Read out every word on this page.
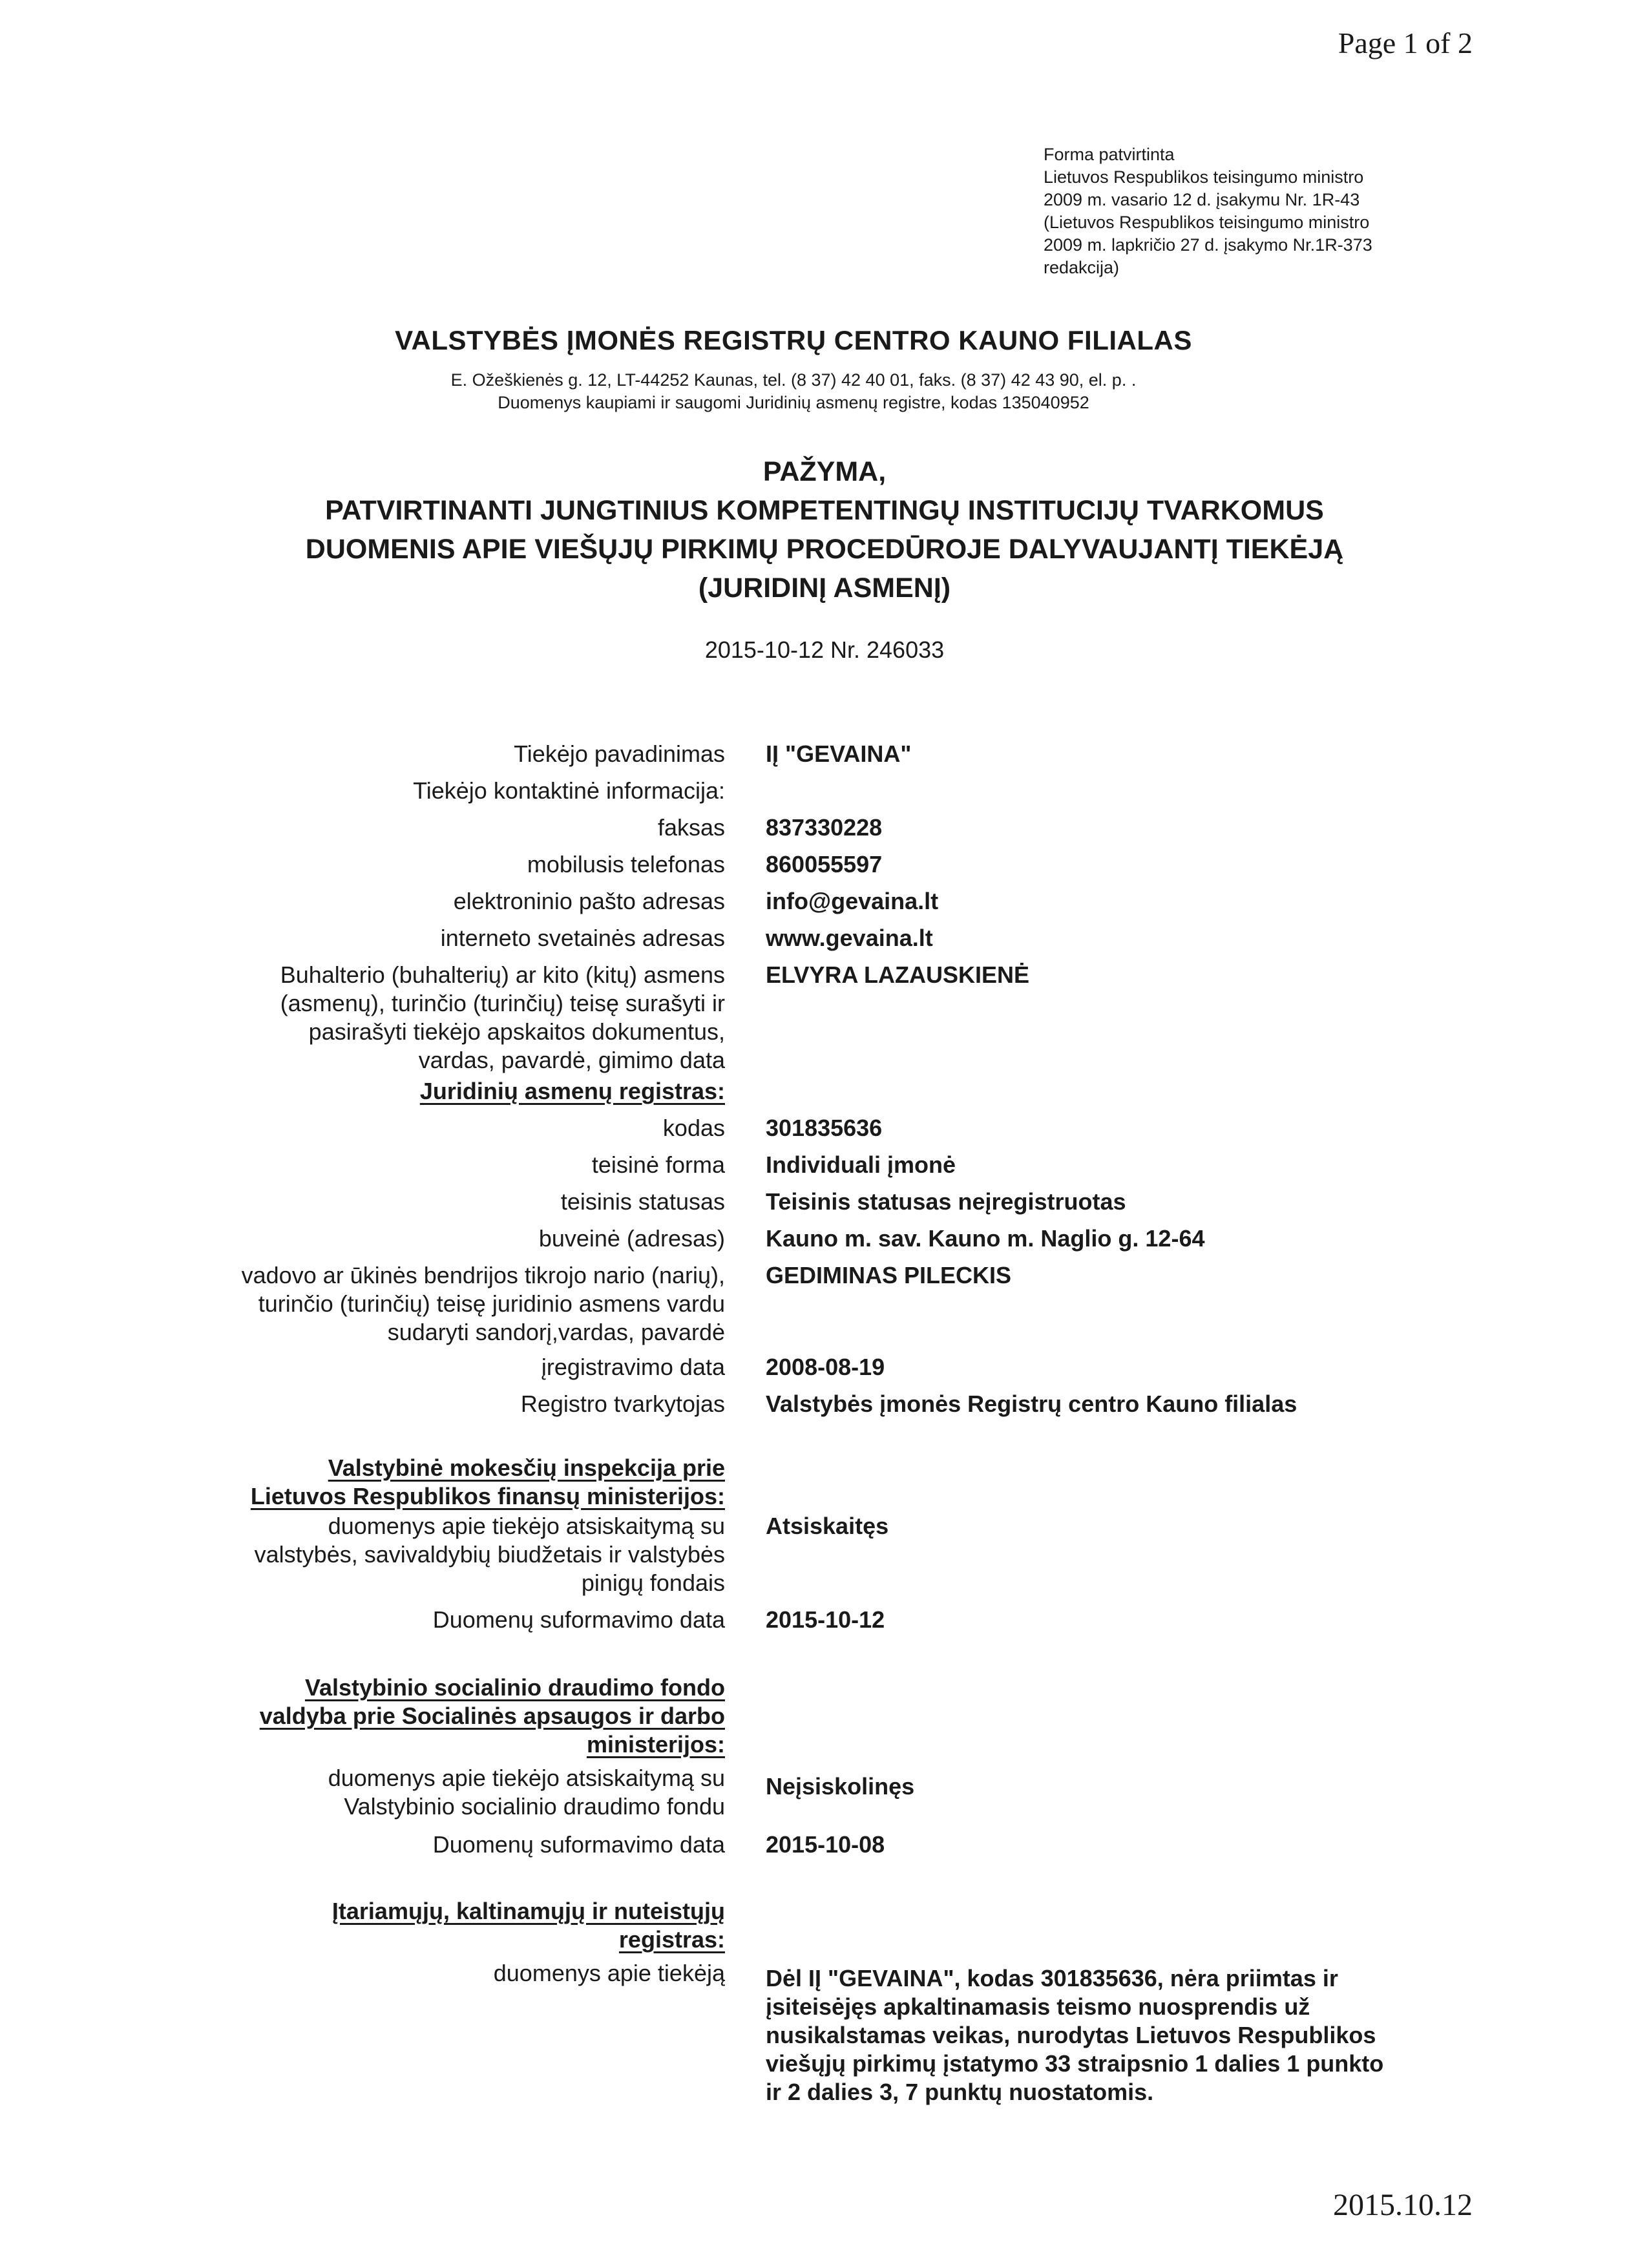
Page 1 of 2
Forma patvirtinta
Lietuvos Respublikos teisingumo ministro
2009 m. vasario 12 d. įsakymu Nr. 1R-43
(Lietuvos Respublikos teisingumo ministro
2009 m. lapkričio 27 d. įsakymo Nr.1R-373
redakcija)
VALSTYBĖS ĮMONĖS REGISTRŲ CENTRO KAUNO FILIALAS
E. Ožeškienės g. 12, LT-44252 Kaunas, tel. (8 37) 42 40 01, faks. (8 37) 42 43 90, el. p. .
Duomenys kaupiami ir saugomi Juridinių asmenų registre, kodas 135040952
PAŽYMA,
PATVIRTINANTI JUNGTINIUS KOMPETENTINGŲ INSTITUCIJŲ TVARKOMUS
DUOMENIS APIE VIEŠŲJŲ PIRKIMŲ PROCEDŪROJE DALYVAUJANTĮ TIEKĖJĄ
(JURIDINĮ ASMENĮ)
2015-10-12 Nr. 246033
Tiekėjo pavadinimas IĮ "GEVAINA"
Tiekėjo kontaktinė informacija:
faksas 837330228
mobilusis telefonas 860055597
elektroninio pašto adresas info@gevaina.lt
interneto svetainės adresas www.gevaina.lt
Buhalterio (buhalterių) ar kito (kitų) asmens
(asmenų), turinčio (turinčių) teisę surašyti ir
pasirašyti tiekėjo apskaitos dokumentus,
vardas, pavardė, gimimo data
ELVYRA LAZAUSKIENĖ
Juridinių asmenų registras:
kodas 301835636
teisinė forma Individuali įmonė
teisinis statusas Teisinis statusas neįregistruotas
buveinė (adresas) Kauno m. sav. Kauno m. Naglio g. 12-64
vadovo ar ūkinės bendrijos tikrojo nario (narių),
turinčio (turinčių) teisę juridinio asmens vardu
sudaryti sandorį,vardas, pavardė
GEDIMINAS PILECKIS
įregistravimo data 2008-08-19
Registro tvarkytojas Valstybės įmonės Registrų centro Kauno filialas
Valstybinė mokesčių inspekcija prie
Lietuvos Respublikos finansų ministerijos:
duomenys apie tiekėjo atsiskaitymą su
valstybės, savivaldybių biudžetais ir valstybės
pinigų fondais
Atsiskaitęs
Duomenų suformavimo data 2015-10-12
Valstybinio socialinio draudimo fondo
valdyba prie Socialinės apsaugos ir darbo
ministerijos:
duomenys apie tiekėjo atsiskaitymą su
Valstybinio socialinio draudimo fondu
Neįsiskolinęs
Duomenų suformavimo data 2015-10-08
Įtariamųjų, kaltinamųjų ir nuteistųjų
registras:
duomenys apie tiekėją Dėl IĮ "GEVAINA", kodas 301835636, nėra priimtas ir
įsiteisėjęs apkaltinamasis teismo nuosprendis už
nusikalstamas veikas, nurodytas Lietuvos Respublikos
viešųjų pirkimų įstatymo 33 straipsnio 1 dalies 1 punkto
ir 2 dalies 3, 7 punktų nuostatomis.
2015.10.12
